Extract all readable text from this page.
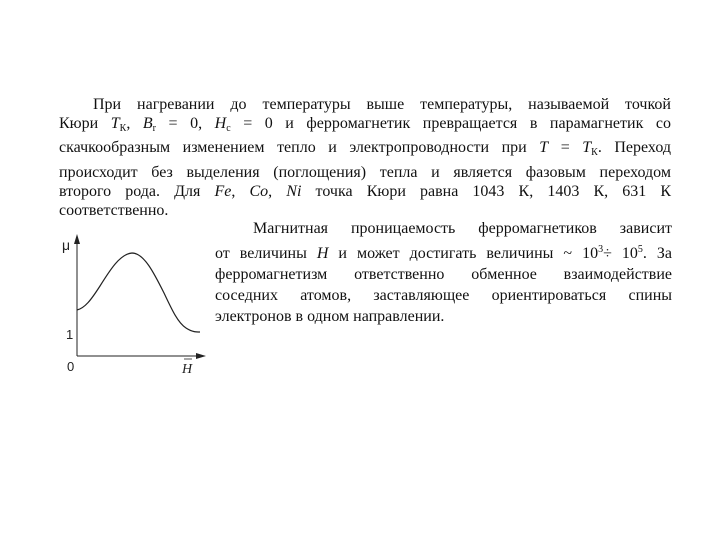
При нагревании до температуры выше температуры, называемой точкой
Кюри $T_К$, $B_r = 0$, $H_c = 0$ и ферромагнетик превращается в парамагнетик со
скачкообразным изменением тепло и электропроводности при $T = T_К$. Переход
происходит без выделения (поглощения) тепла и является фазовым переходом
второго рода. Для Fe, Co, Ni точка Кюри равна 1043 К, 1403 К, 631 К
соответственно.
Магнитная проницаемость ферромагнетиков зависит
от величины H и может достигать величины ~ $10^3\div 10^5$. За
ферромагнетизм ответственно обменное взаимодействие
соседних атомов, заставляющее ориентироваться спины
электронов в одном направлении.
μ
1
0	H
